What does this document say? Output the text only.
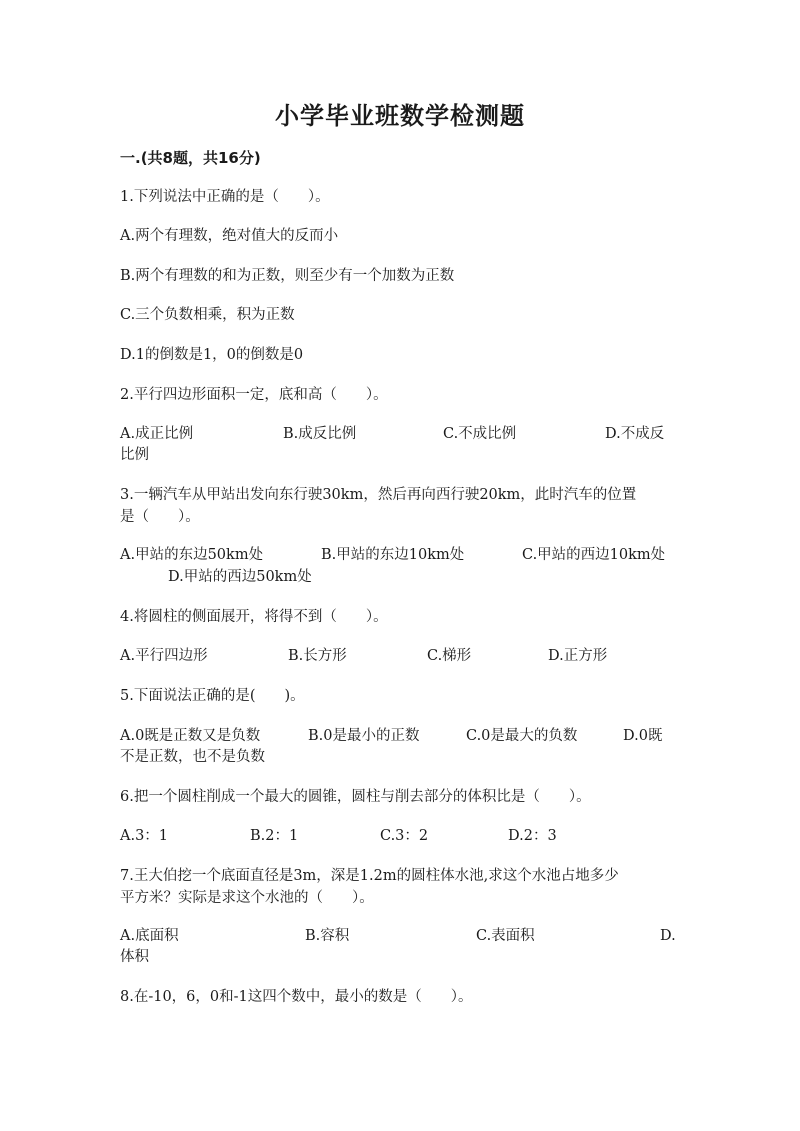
小学毕业班数学检测题
一.(共8题，共16分)
1.下列说法中正确的是（　　）。
A.两个有理数，绝对值大的反而小
B.两个有理数的和为正数，则至少有一个加数为正数
C.三个负数相乘，积为正数
D.1的倒数是1，0的倒数是0
2.平行四边形面积一定，底和高（　　）。
A.成正比例	B.成反比例	C.不成比例	D.不成反
比例
3.一辆汽车从甲站出发向东行驶30km，然后再向西行驶20km，此时汽车的位置
是（　　）。
A.甲站的东边50km处	B.甲站的东边10km处	C.甲站的西边10km处
D.甲站的西边50km处
4.将圆柱的侧面展开，将得不到（　　）。
A.平行四边形	B.长方形	C.梯形	D.正方形
5.下面说法正确的是(　　)。
A.0既是正数又是负数	B.0是最小的正数	C.0是最大的负数	D.0既
不是正数，也不是负数
6.把一个圆柱削成一个最大的圆锥，圆柱与削去部分的体积比是（　　）。
A.3：1	B.2：1	C.3：2	D.2：3
7.王大伯挖一个底面直径是3m，深是1.2m的圆柱体水池,求这个水池占地多少
平方米？实际是求这个水池的（　　）。
A.底面积	B.容积	C.表面积	D.
体积
8.在-10，6，0和-1这四个数中，最小的数是（　　）。
